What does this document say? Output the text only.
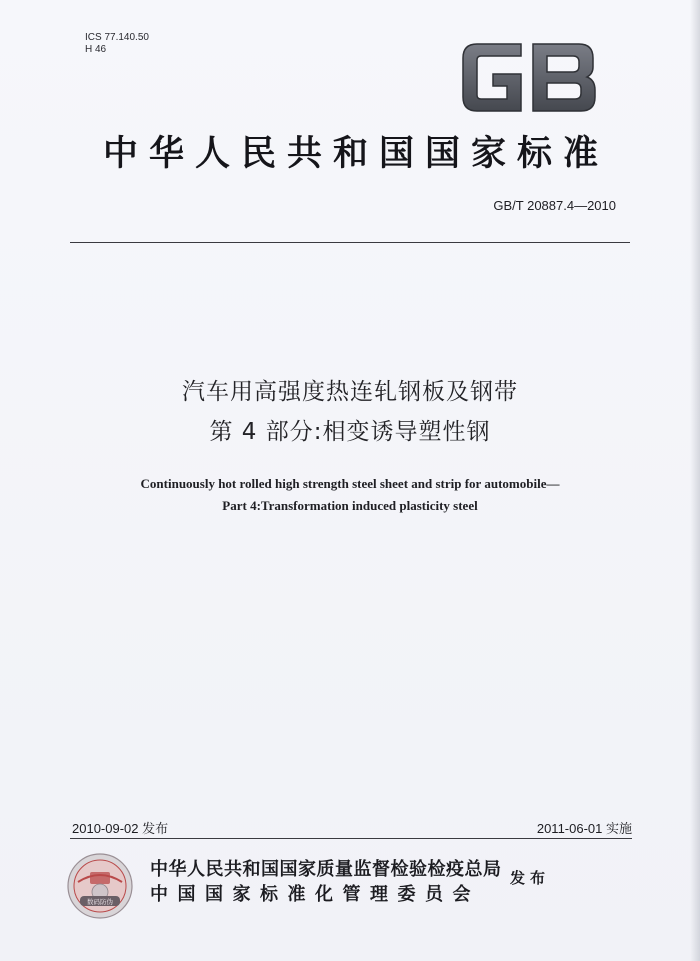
ICS 77.140.50
H 46
GB
中华人民共和国国家标准
GB/T 20887.4—2010
汽车用高强度热连轧钢板及钢带
第 4 部分:相变诱导塑性钢
Continuously hot rolled high strength steel sheet and strip for automobile—
Part 4:Transformation induced plasticity steel
2010-09-02 发布	2011-06-01 实施
数码防伪
中华人民共和国国家质量监督检验检疫总局
中国国家标准化管理委员会
发布
